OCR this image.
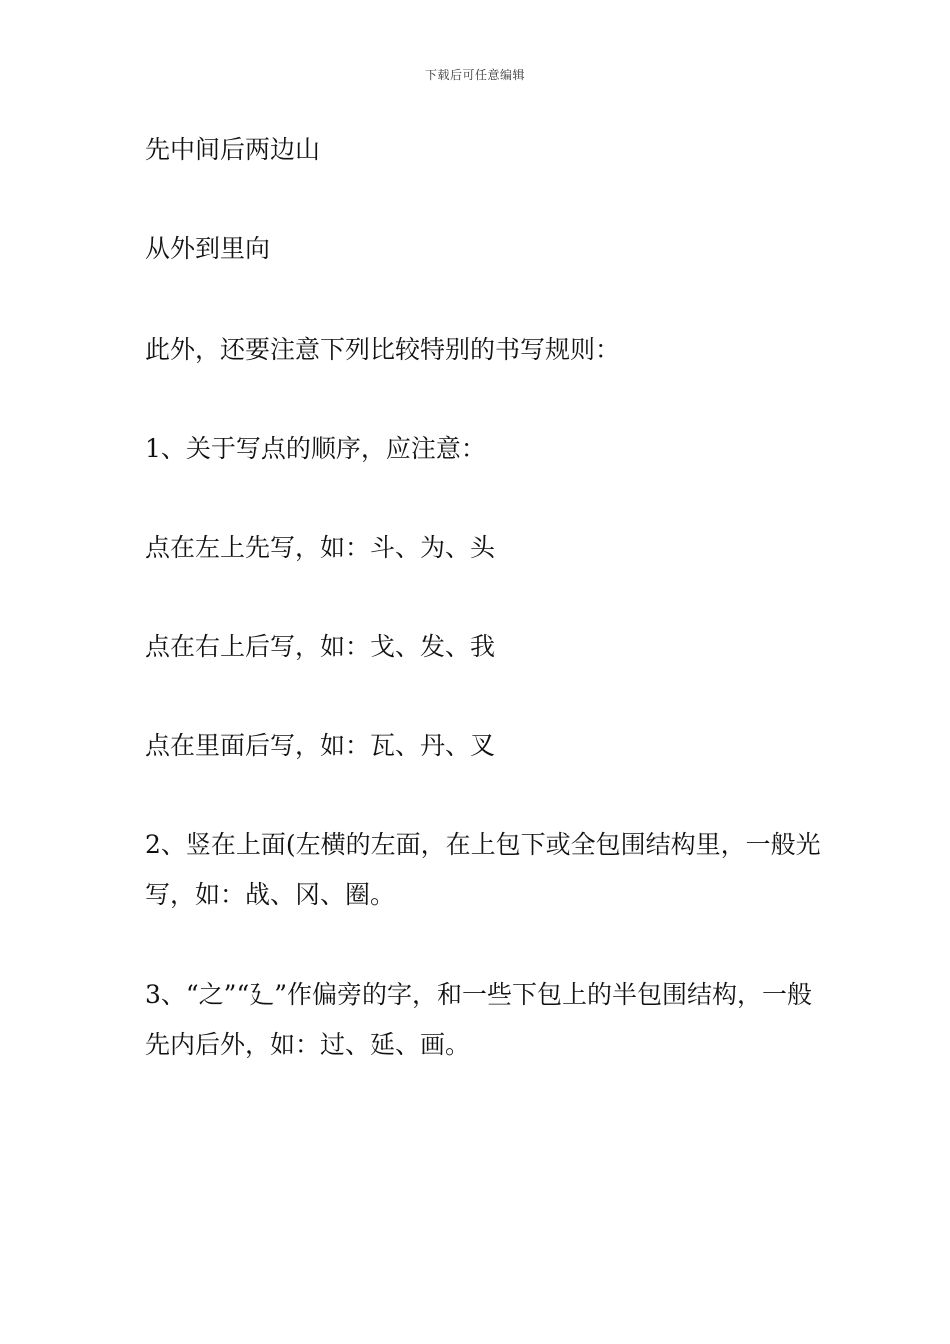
下载后可任意编辑
先中间后两边山
从外到里向
此外，还要注意下列比较特别的书写规则：
1、关于写点的顺序，应注意：
点在左上先写，如：斗、为、头
点在右上后写，如：戈、发、我
点在里面后写，如：瓦、丹、叉
2、竖在上面(左横的左面，在上包下或全包围结构里，一般光写，如：战、冈、圈。
3、“之”“廴”作偏旁的字，和一些下包上的半包围结构，一般先内后外，如：过、延、画。
